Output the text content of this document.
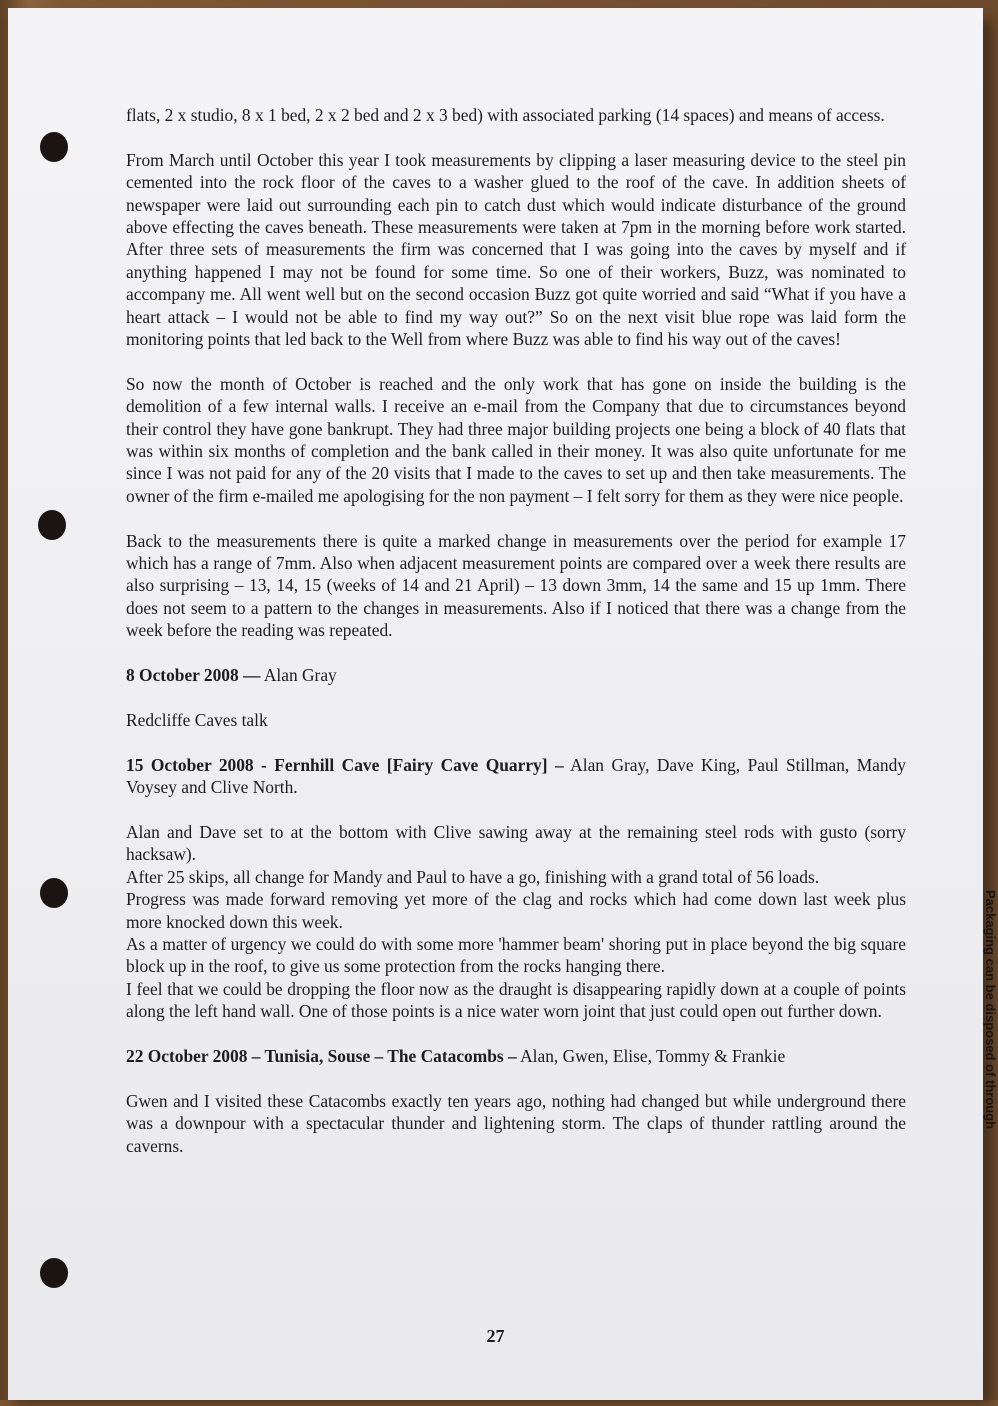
flats, 2 x studio, 8 x 1 bed, 2 x 2 bed and 2 x 3 bed) with associated parking (14 spaces) and means of access.

From March until October this year I took measurements by clipping a laser measuring device to the steel pin cemented into the rock floor of the caves to a washer glued to the roof of the cave. In addition sheets of newspaper were laid out surrounding each pin to catch dust which would indicate disturbance of the ground above effecting the caves beneath. These measurements were taken at 7pm in the morning before work started. After three sets of measurements the firm was concerned that I was going into the caves by myself and if anything happened I may not be found for some time. So one of their workers, Buzz, was nominated to accompany me. All went well but on the second occasion Buzz got quite worried and said “What if you have a heart attack – I would not be able to find my way out?” So on the next visit blue rope was laid form the monitoring points that led back to the Well from where Buzz was able to find his way out of the caves!

So now the month of October is reached and the only work that has gone on inside the building is the demolition of a few internal walls. I receive an e-mail from the Company that due to circumstances beyond their control they have gone bankrupt. They had three major building projects one being a block of 40 flats that was within six months of completion and the bank called in their money. It was also quite unfortunate for me since I was not paid for any of the 20 visits that I made to the caves to set up and then take measurements. The owner of the firm e-mailed me apologising for the non payment – I felt sorry for them as they were nice people.

Back to the measurements there is quite a marked change in measurements over the period for example 17 which has a range of 7mm. Also when adjacent measurement points are compared over a week there results are also surprising – 13, 14, 15 (weeks of 14 and 21 April) – 13 down 3mm, 14 the same and 15 up 1mm. There does not seem to a pattern to the changes in measurements. Also if I noticed that there was a change from the week before the reading was repeated.

8 October 2008 — Alan Gray

Redcliffe Caves talk

15 October 2008 - Fernhill Cave [Fairy Cave Quarry] – Alan Gray, Dave King, Paul Stillman, Mandy Voysey and Clive North.

Alan and Dave set to at the bottom with Clive sawing away at the remaining steel rods with gusto (sorry hacksaw).

After 25 skips, all change for Mandy and Paul to have a go, finishing with a grand total of 56 loads.

Progress was made forward removing yet more of the clag and rocks which had come down last week plus more knocked down this week.

As a matter of urgency we could do with some more 'hammer beam' shoring put in place beyond the big square block up in the roof, to give us some protection from the rocks hanging there.

I feel that we could be dropping the floor now as the draught is disappearing rapidly down at a couple of points along the left hand wall. One of those points is a nice water worn joint that just could open out further down.

22 October 2008 – Tunisia, Souse – The Catacombs – Alan, Gwen, Elise, Tommy & Frankie

Gwen and I visited these Catacombs exactly ten years ago, nothing had changed but while underground there was a downpour with a spectacular thunder and lightening storm. The claps of thunder rattling around the caverns.

27
Packaging can be disposed of through
